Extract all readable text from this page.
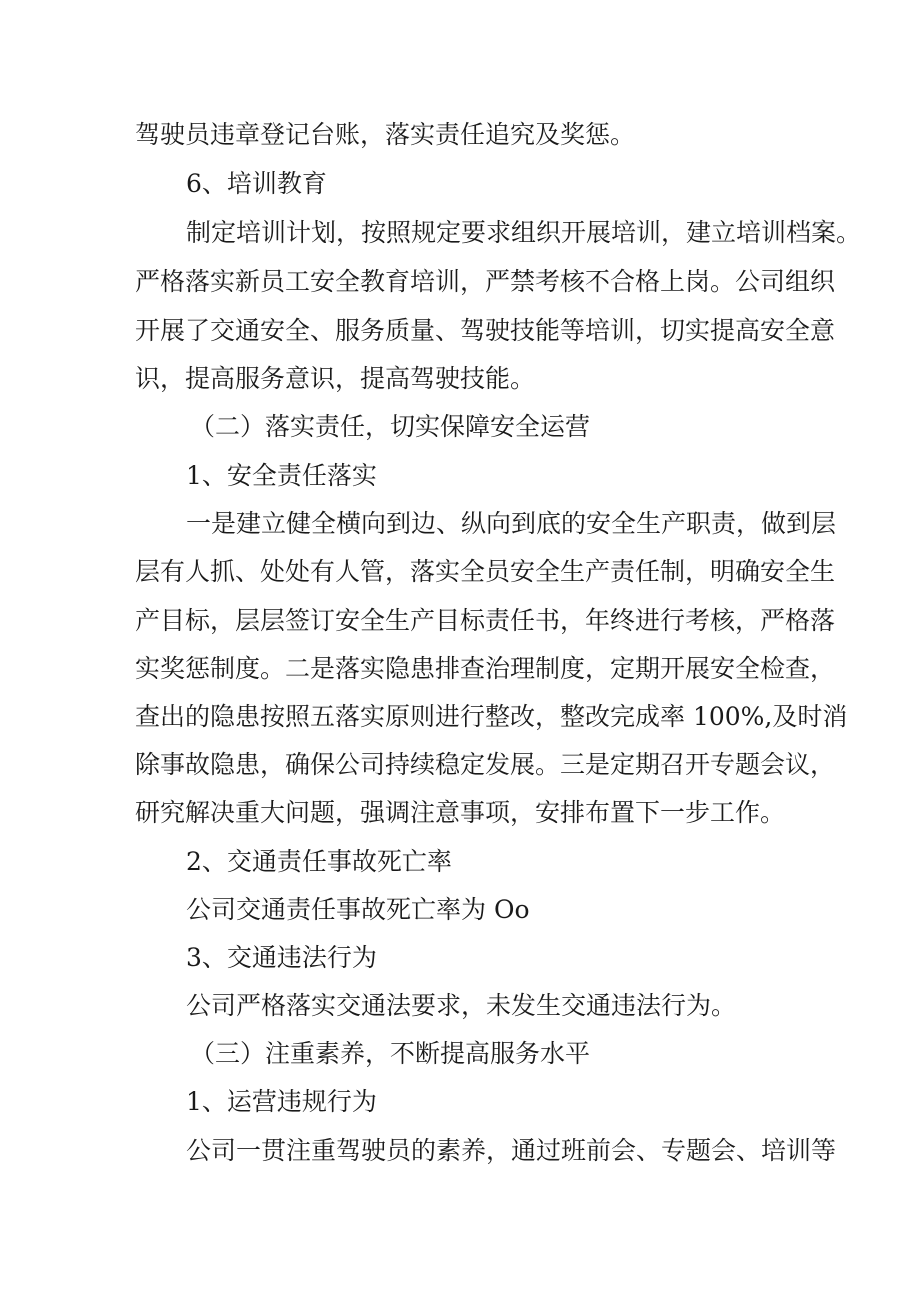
驾驶员违章登记台账，落实责任追究及奖惩。
6、培训教育
制定培训计划，按照规定要求组织开展培训，建立培训档案。
严格落实新员工安全教育培训，严禁考核不合格上岗。公司组织
开展了交通安全、服务质量、驾驶技能等培训，切实提高安全意
识，提高服务意识，提高驾驶技能。
（二）落实责任，切实保障安全运营
1、安全责任落实
一是建立健全横向到边、纵向到底的安全生产职责，做到层
层有人抓、处处有人管，落实全员安全生产责任制，明确安全生
产目标，层层签订安全生产目标责任书，年终进行考核，严格落
实奖惩制度。二是落实隐患排查治理制度，定期开展安全检查，
查出的隐患按照五落实原则进行整改，整改完成率 100%,及时消
除事故隐患，确保公司持续稳定发展。三是定期召开专题会议，
研究解决重大问题，强调注意事项，安排布置下一步工作。
2、交通责任事故死亡率
公司交通责任事故死亡率为 Oo
3、交通违法行为
公司严格落实交通法要求，未发生交通违法行为。
（三）注重素养，不断提高服务水平
1、运营违规行为
公司一贯注重驾驶员的素养，通过班前会、专题会、培训等
